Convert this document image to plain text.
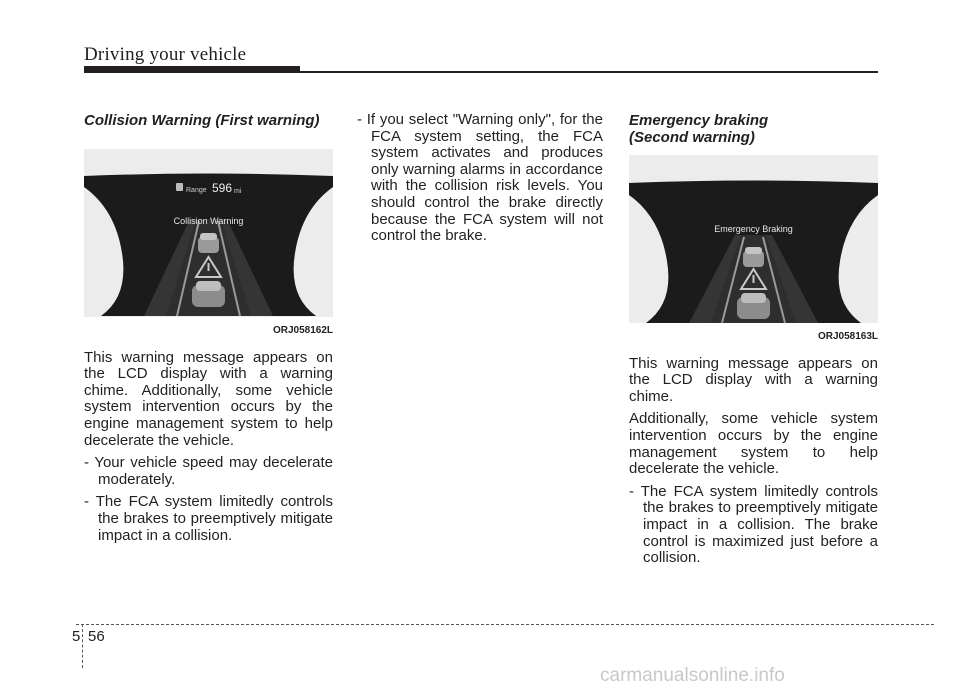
Driving your vehicle
Collision Warning (First warning)
Range 596 mi
Collision Warning
ORJ058162L

This warning message appears on the LCD display with a warning chime. Additionally, some vehicle system intervention occurs by the engine management system to help decelerate the vehicle.

- Your vehicle speed may decelerate moderately.

- The FCA system limitedly controls the brakes to preemptively mitigate impact in a collision.

- If you select "Warning only", for the FCA system setting, the FCA system activates and produces only warning alarms in accordance with the collision risk levels. You should control the brake directly because the FCA system will not control the brake.

Emergency braking
(Second warning)
Emergency Braking
ORJ058163L

This warning message appears on the LCD display with a warning chime.

Additionally, some vehicle system intervention occurs by the engine management system to help decelerate the vehicle.

- The FCA system limitedly controls the brakes to preemptively mitigate impact in a collision. The brake control is maximized just before a collision.

5 56
carmanualsonline.info
